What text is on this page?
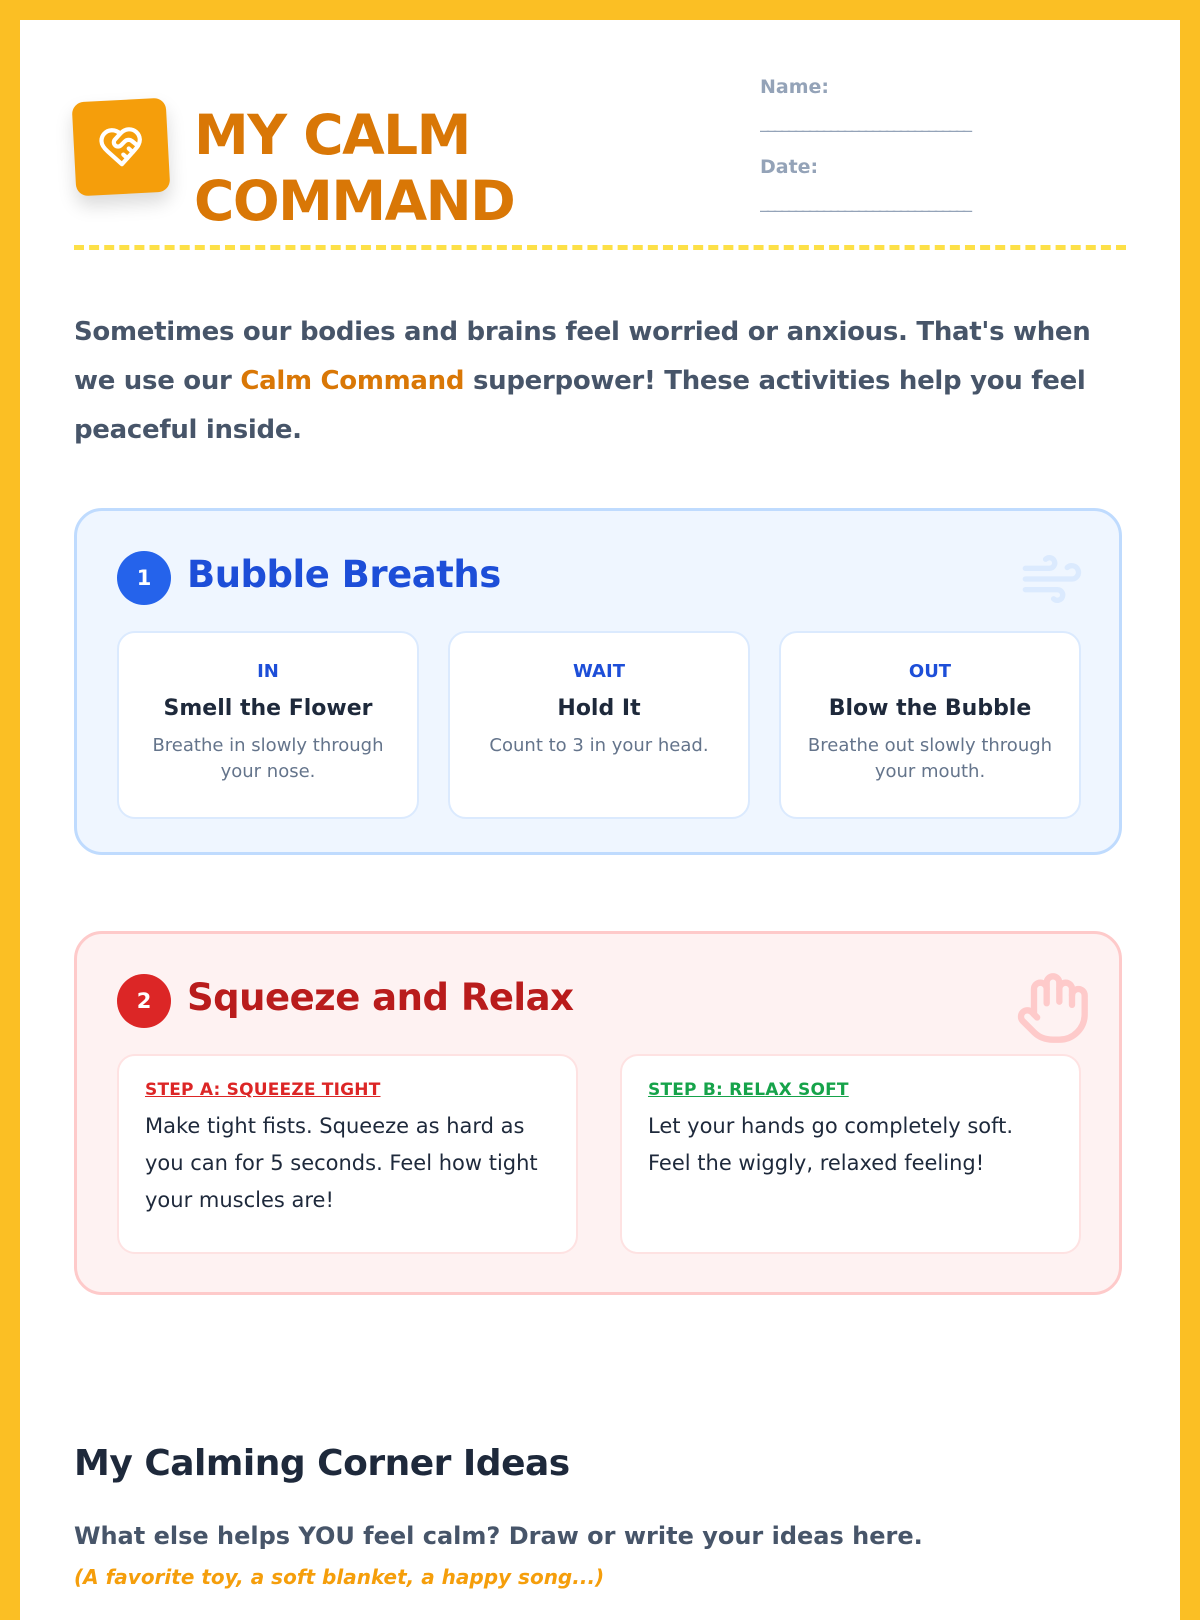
MY CALM
COMMAND
Name:
______________________________
Date:
______________________________

Sometimes our bodies and brains feel worried or anxious. That's when we use our Calm Command superpower! These activities help you feel peaceful inside.

1 Bubble Breaths
IN
Smell the Flower
Breathe in slowly through your nose.
WAIT
Hold It
Count to 3 in your head.
OUT
Blow the Bubble
Breathe out slowly through your mouth.
2 Squeeze and Relax
STEP A: SQUEEZE TIGHT
Make tight fists. Squeeze as hard as you can for 5 seconds. Feel how tight your muscles are!
STEP B: RELAX SOFT
Let your hands go completely soft. Feel the wiggly, relaxed feeling!
My Calming Corner Ideas

What else helps YOU feel calm? Draw or write your ideas here.

(A favorite toy, a soft blanket, a happy song...)
